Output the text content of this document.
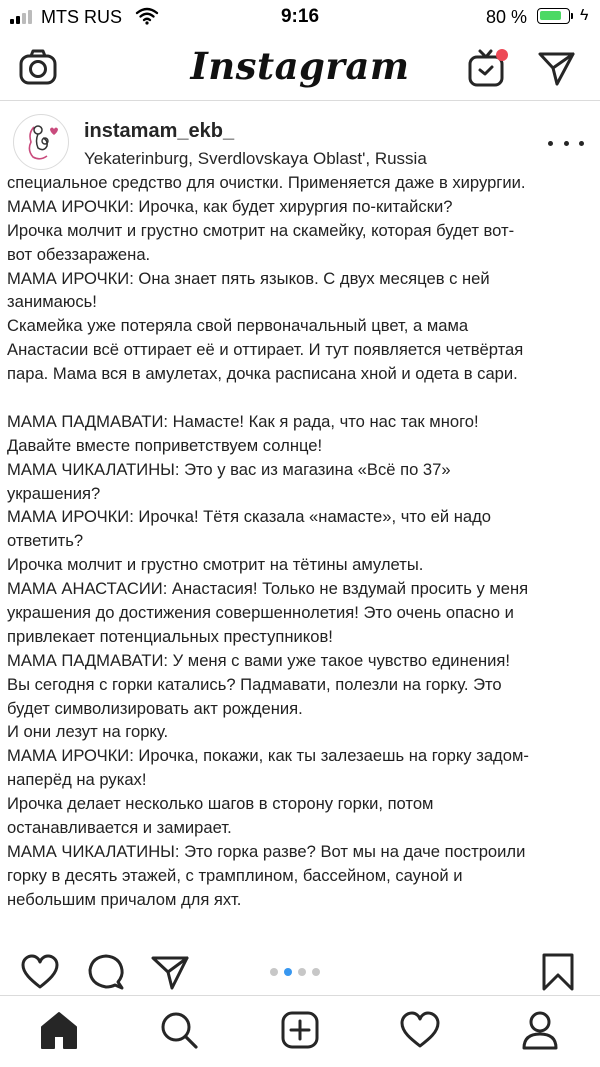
MTS RUS	9:16	80 %	ϟ
Instagram
instamam_ekb_
Yekaterinburg, Sverdlovskaya Oblast', Russia
специальное средство для очистки. Применяется даже в хирургии.
МАМА ИРОЧКИ: Ирочка, как будет хирургия по-китайски?
Ирочка молчит и грустно смотрит на скамейку, которая будет вот-
вот обеззаражена.
МАМА ИРОЧКИ: Она знает пять языков. С двух месяцев с ней
занимаюсь!
Скамейка уже потеряла свой первоначальный цвет, а мама
Анастасии всё оттирает её и оттирает. И тут появляется четвёртая
пара. Мама вся в амулетах, дочка расписана хной и одета в сари.
МАМА ПАДМАВАТИ: Намасте! Как я рада, что нас так много!
Давайте вместе поприветствуем солнце!
МАМА ЧИКАЛАТИНЫ: Это у вас из магазина «Всё по 37»
украшения?
МАМА ИРОЧКИ: Ирочка! Тётя сказала «намасте», что ей надо
ответить?
Ирочка молчит и грустно смотрит на тётины амулеты.
МАМА АНАСТАСИИ: Анастасия! Только не вздумай просить у меня
украшения до достижения совершеннолетия! Это очень опасно и
привлекает потенциальных преступников!
МАМА ПАДМАВАТИ: У меня с вами уже такое чувство единения!
Вы сегодня с горки катались? Падмавати, полезли на горку. Это
будет символизировать акт рождения.
И они лезут на горку.
МАМА ИРОЧКИ: Ирочка, покажи, как ты залезаешь на горку задом-
наперёд на руках!
Ирочка делает несколько шагов в сторону горки, потом
останавливается и замирает.
МАМА ЧИКАЛАТИНЫ: Это горка разве? Вот мы на даче построили
горку в десять этажей, с трамплином, бассейном, сауной и
небольшим причалом для яхт.
